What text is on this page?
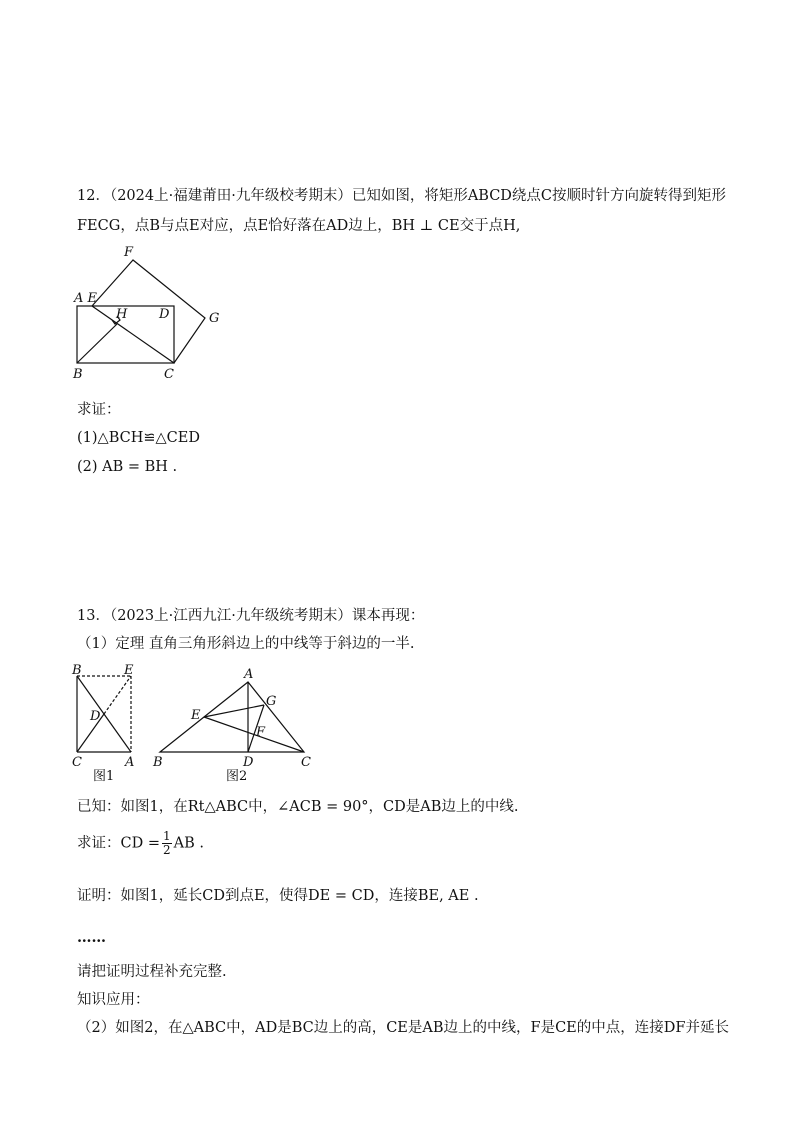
12．（2024上·福建莆田·九年级校考期末）已知如图，将矩形ABCD绕点C按顺时针方向旋转得到矩形
FECG，点B与点E对应，点E恰好落在AD边上，BH ⊥ CE交于点H,
F
A E
H D	G
B	C
求证：
(1)△BCH≌△CED
(2) AB = BH .
13．（2023上·江西九江·九年级统考期末）课本再现：
（1）定理 直角三角形斜边上的中线等于斜边的一半.
B	E
D
C	A
图1
A
G
E
F
B	D	C
图2
已知：如图1，在Rt△ABC中，∠ACB = 90°，CD是AB边上的中线.
求证：CD = $\frac{1}{2}$ AB .
证明：如图1，延长CD到点E，使得DE = CD，连接BE, AE .
……
请把证明过程补充完整.
知识应用：
（2）如图2，在△ABC中，AD是BC边上的高，CE是AB边上的中线，F是CE的中点，连接DF并延长
